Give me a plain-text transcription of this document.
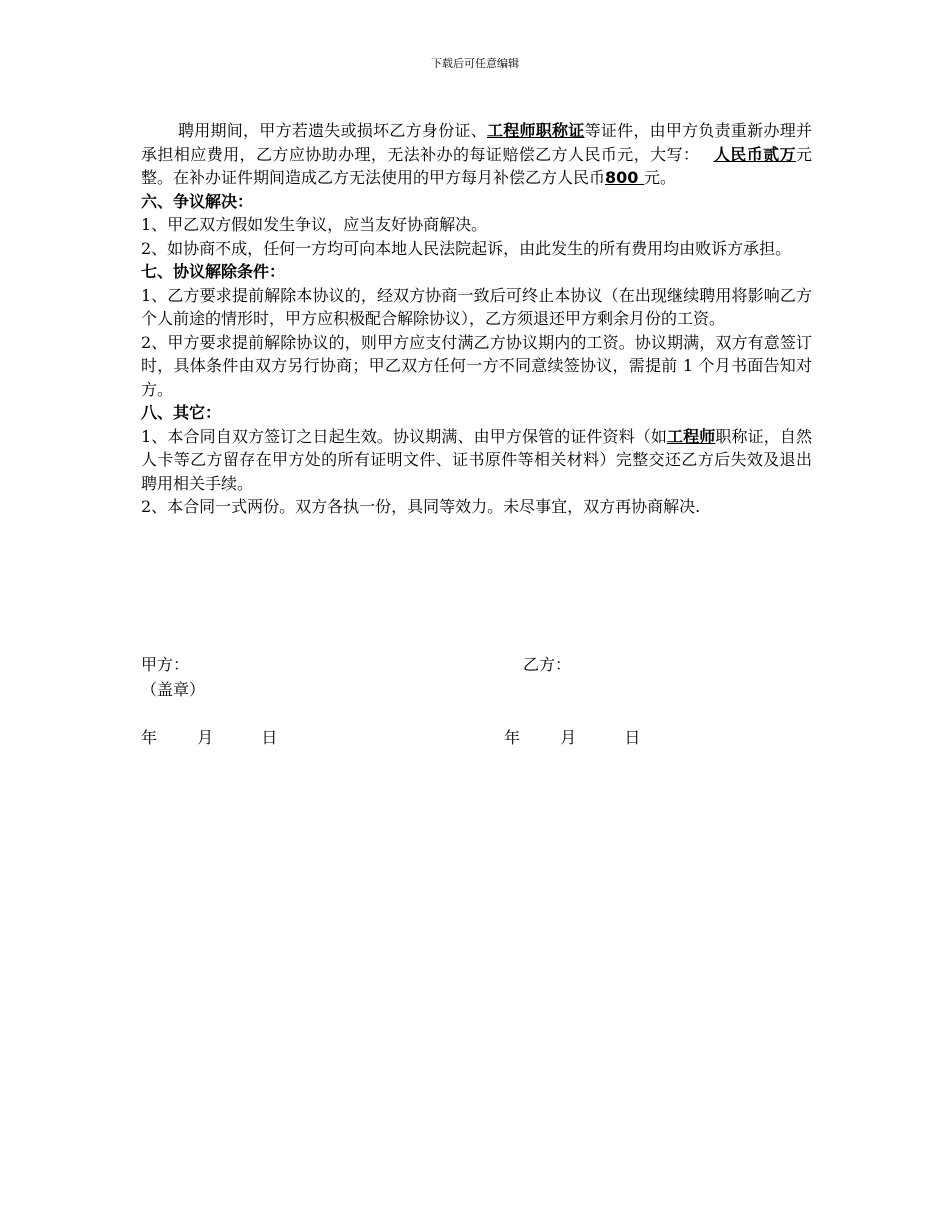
下载后可任意编辑

聘用期间，甲方若遗失或损坏乙方身份证、工程师职称证等证件，由甲方负责重新办理并承担相应费用，乙方应协助办理，无法补办的每证赔偿乙方人民币元，大写： 人民币贰万元整。在补办证件期间造成乙方无法使用的甲方每月补偿乙方人民币800 元。

六、争议解决：

1、甲乙双方假如发生争议，应当友好协商解决。

2、如协商不成，任何一方均可向本地人民法院起诉，由此发生的所有费用均由败诉方承担。

七、协议解除条件：

1、乙方要求提前解除本协议的，经双方协商一致后可终止本协议（在出现继续聘用将影响乙方个人前途的情形时，甲方应积极配合解除协议），乙方须退还甲方剩余月份的工资。

2、甲方要求提前解除协议的，则甲方应支付满乙方协议期内的工资。协议期满，双方有意签订时，具体条件由双方另行协商；甲乙双方任何一方不同意续签协议，需提前 1 个月书面告知对方。

八、其它：

1、本合同自双方签订之日起生效。协议期满、由甲方保管的证件资料（如工程师职称证，自然人卡等乙方留存在甲方处的所有证明文件、证书原件等相关材料）完整交还乙方后失效及退出聘用相关手续。

2、本合同一式两份。双方各执一份，具同等效力。未尽事宜，双方再协商解决.

甲方：	乙方：
（盖章）
年	月	日	年	月	日
